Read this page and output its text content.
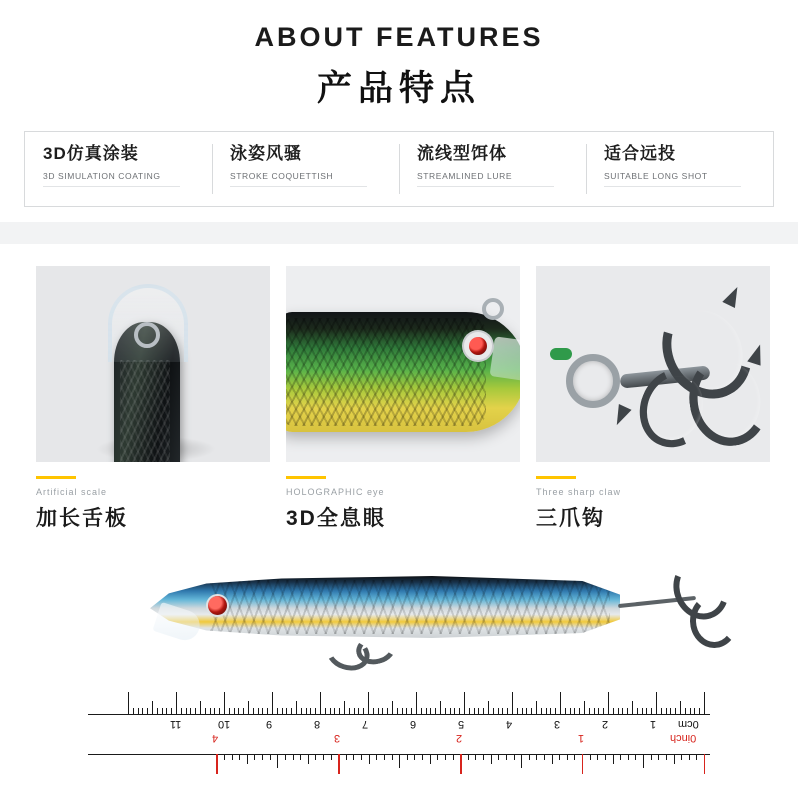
ABOUT FEATURES
产品特点
3D仿真涂装
3D SIMULATION COATING
泳姿风骚
STROKE COQUETTISH
流线型饵体
STREAMLINED LURE
适合远投
SUITABLE LONG SHOT
Artificial scale
加长舌板
HOLOGRAPHIC eye
3D全息眼
Three sharp claw
三爪钩
1
2
3
4
5
6
7
8
9
10
11	0cm
1
2
3
4	0inch
